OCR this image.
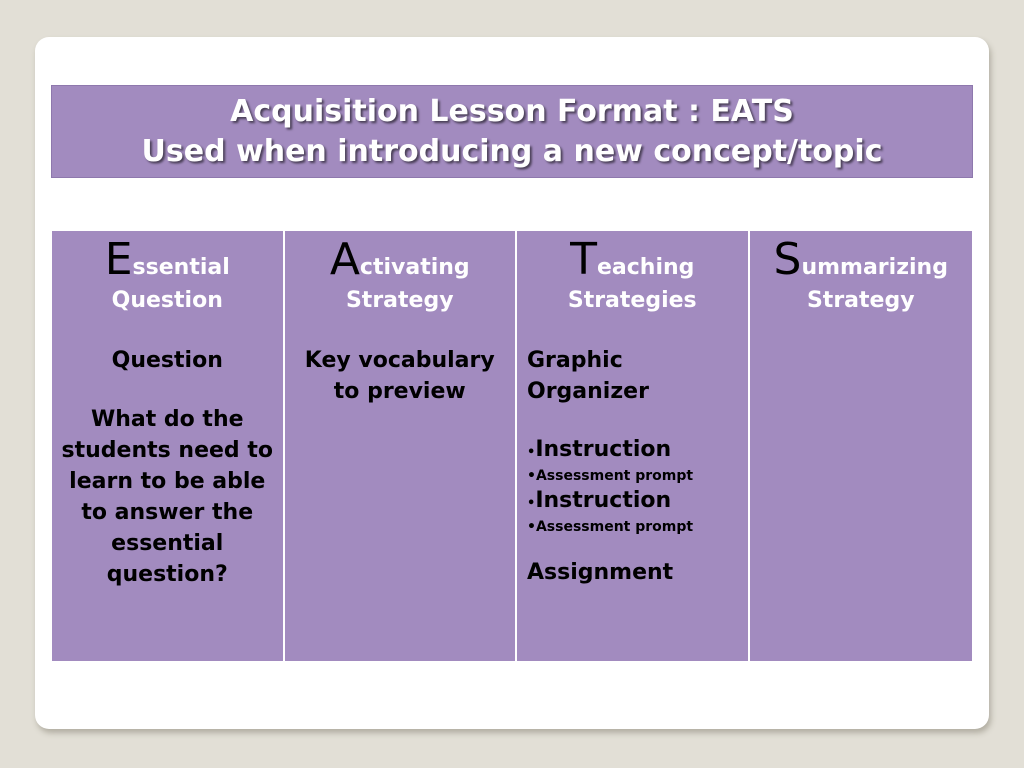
Acquisition Lesson Format : EATS
Used when introducing a new concept/topic
Essential
Question
Question
What do the students need to learn to be able to answer the essential question?
Activating
Strategy
Key vocabulary to preview
Teaching
Strategies
Graphic Organizer
•Instruction
•Assessment prompt
•Instruction
•Assessment prompt
Assignment
Summarizing
Strategy
